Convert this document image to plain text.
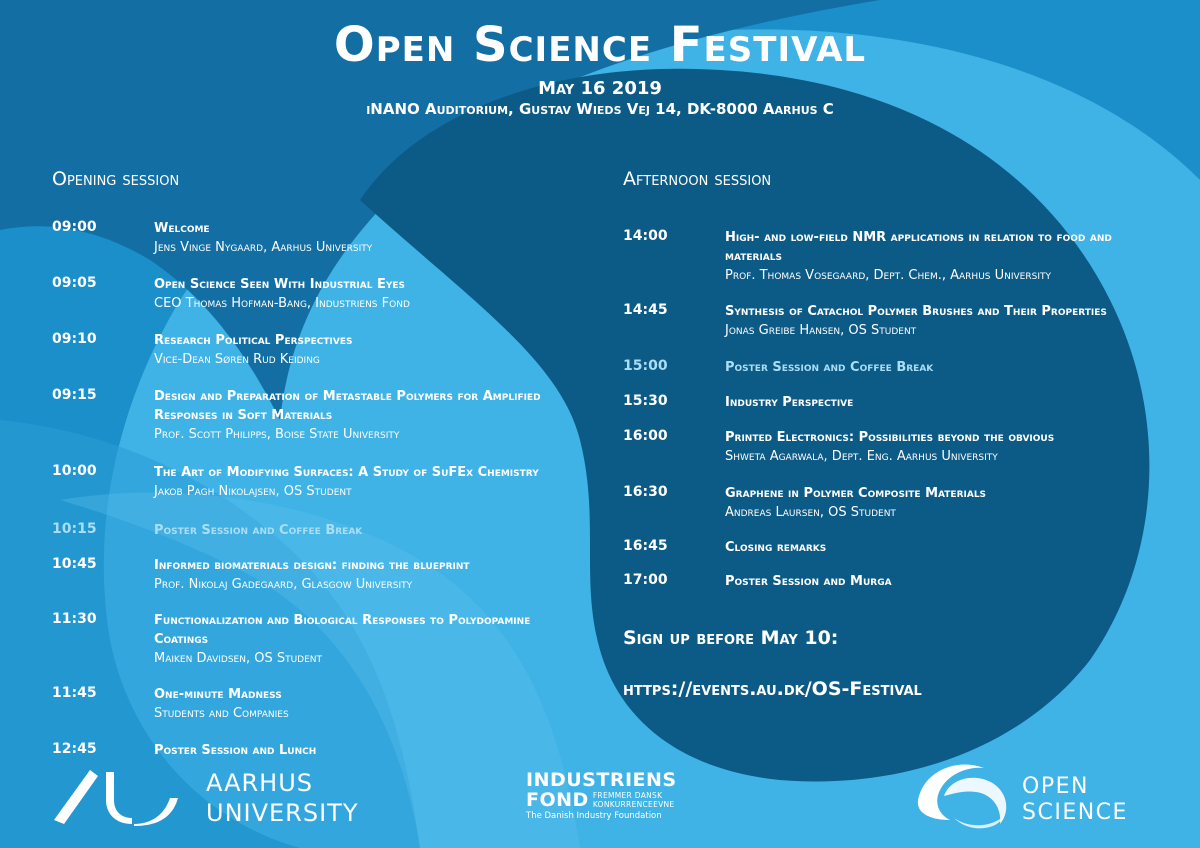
Open Science Festival
May 16 2019
iNANO Auditorium, Gustav Wieds Vej 14, DK-8000 Aarhus C
Opening session
09:00	Welcome
Jens Vinge Nygaard, Aarhus University
09:05	Open Science Seen With Industrial Eyes
CEO Thomas Hofman-Bang, Industriens Fond
09:10	Research Political Perspectives
Vice-Dean Søren Rud Keiding
09:15	Design and Preparation of Metastable Polymers for Amplified Responses in Soft Materials
Prof. Scott Philipps, Boise State University
10:00	The Art of Modifying Surfaces: A Study of SuFEx Chemistry
Jakob Pagh Nikolajsen, OS Student
10:15	Poster Session and Coffee Break
10:45	Informed biomaterials design: finding the blueprint
Prof. Nikolaj Gadegaard, Glasgow University
11:30	Functionalization and Biological Responses to Polydopamine Coatings
Maiken Davidsen, OS Student
11:45	One-minute Madness
Students and Companies
12:45	Poster Session and Lunch
Afternoon session
14:00	High- and low-field NMR applications in relation to food and materials
Prof. Thomas Vosegaard, Dept. Chem., Aarhus University
14:45	Synthesis of Catachol Polymer Brushes and Their Properties
Jonas Greibe Hansen, OS Student
15:00	Poster Session and Coffee Break
15:30	Industry Perspective
16:00	Printed Electronics: Possibilities beyond the obvious
Shweta Agarwala, Dept. Eng. Aarhus University
16:30	Graphene in Polymer Composite Materials
Andreas Laursen, OS Student
16:45	Closing remarks
17:00	Poster Session and Murga
Sign up before May 10:
https://events.au.dk/OS-Festival
AARHUS
UNIVERSITY
INDUSTRIENS
FOND FREMMER DANSK
KONKURRENCEEVNE
The Danish Industry Foundation
OPEN
SCIENCE
